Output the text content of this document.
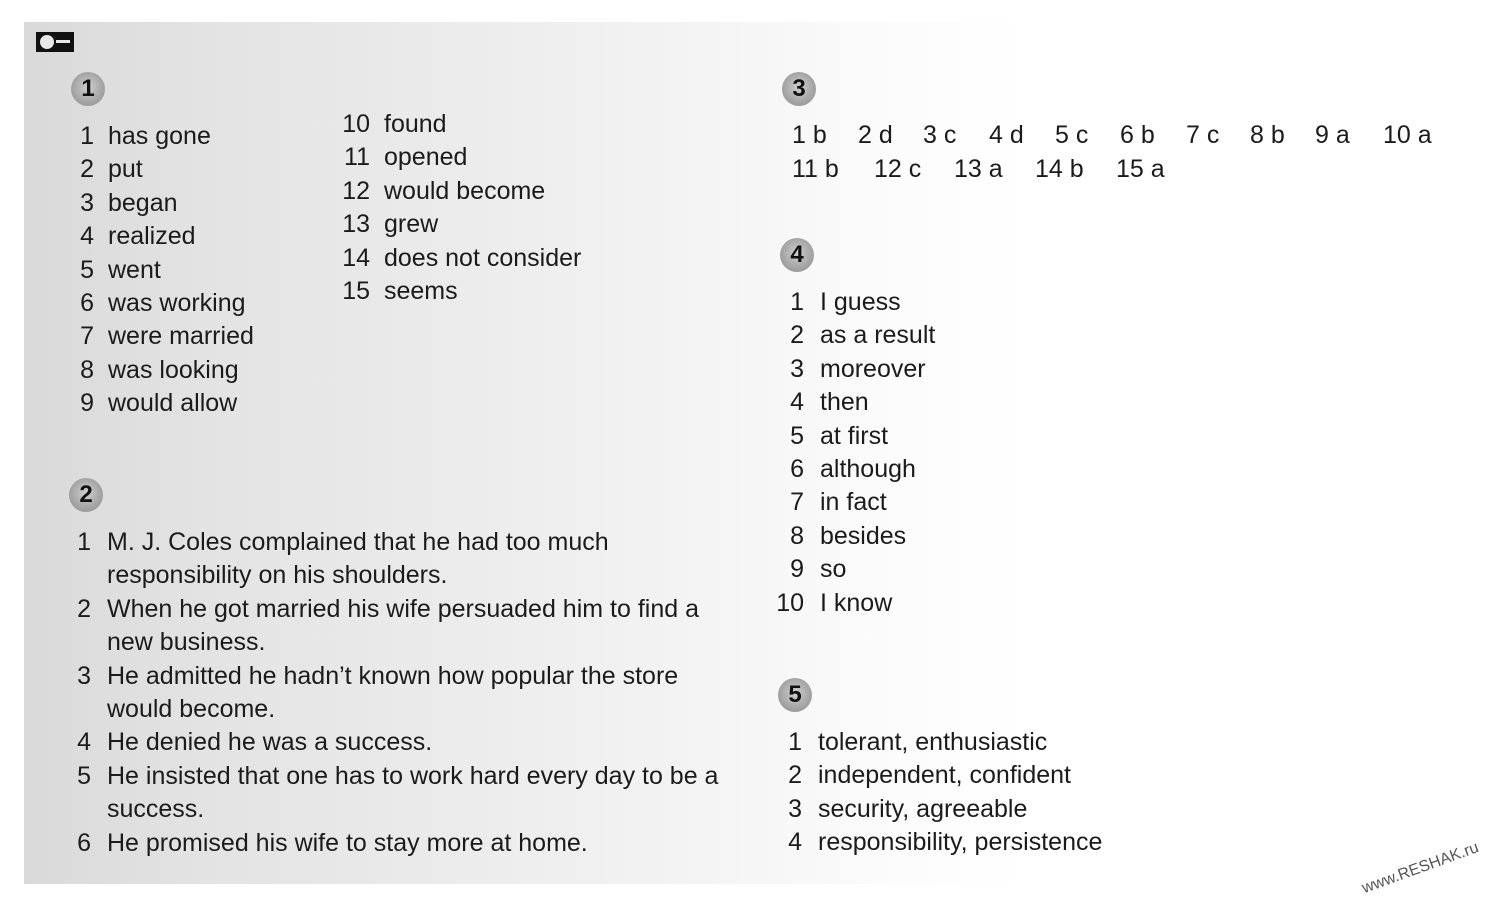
1
1 has gone
2 put
3 began
4 realized
5 went
6 was working
7 were married
8 was looking
9 would allow
10 found
11 opened
12 would become
13 grew
14 does not consider
15 seems
2
1 M. J. Coles complained that he had too much responsibility on his shoulders.
2 When he got married his wife persuaded him to find a new business.
3 He admitted he hadn’t known how popular the store would become.
4 He denied he was a success.
5 He insisted that one has to work hard every day to be a success.
6 He promised his wife to stay more at home.
3
1 b	2 d	3 c	4 d	5 c	6 b	7 c	8 b	9 a	10 a
11 b	12 c	13 a	14 b	15 a
4
1 I guess
2 as a result
3 moreover
4 then
5 at first
6 although
7 in fact
8 besides
9 so
10 I know
5
1 tolerant, enthusiastic
2 independent, confident
3 security, agreeable
4 responsibility, persistence	www.RESHAK.ru
